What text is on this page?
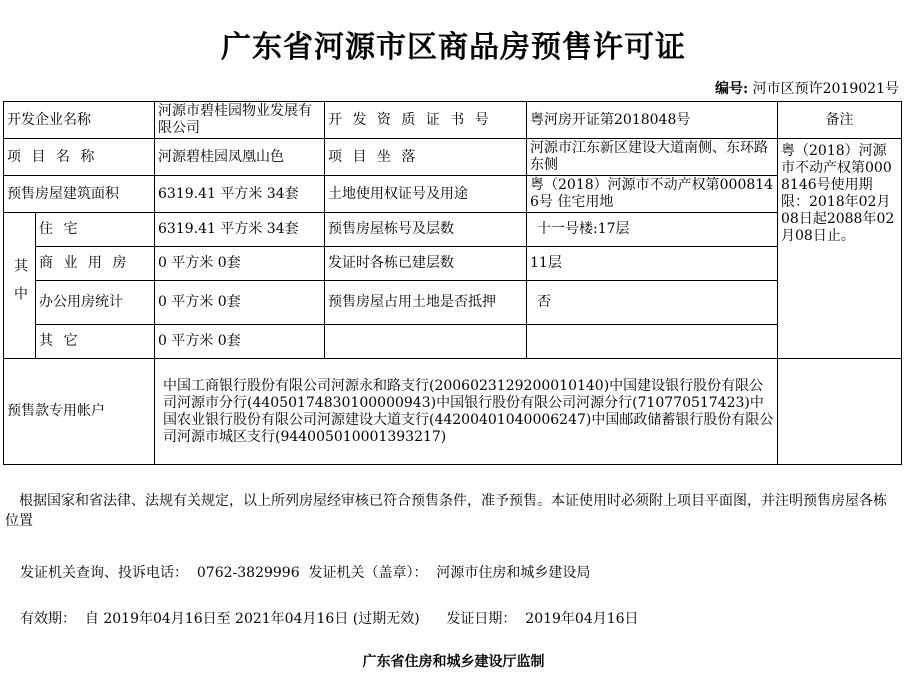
广东省河源市区商品房预售许可证
编号: 河市区预许2019021号
开发企业名称		河源市碧桂园物业发展有限公司	开 发 资 质 证 书 号	粤河房开证第2018048号	备注	
项 目 名 称		河源碧桂园凤凰山色	项 目 坐 落	河源市江东新区建设大道南侧、东环路东侧	粤（2018）河源市不动产权第0008146号使用期限：2018年02月08日起2088年02月08日止。	
预售房屋建筑面积		6319.41 平方米 34套	土地使用权证号及用途	粤（2018）河源市不动产权第0008146号 住宅用地		
其中	住 宅	6319.41 平方米 34套	预售房屋栋号及层数	十一号楼:17层		
	商 业 用 房	0 平方米 0套	发证时各栋已建层数	11层		
	办公用房统计	0 平方米 0套	预售房屋占用土地是否抵押	否		
	其 它	0 平方米 0套				
预售款专用帐户		中国工商银行股份有限公司河源永和路支行(2006023129200010140)中国建设银行股份有限公司河源市分行(44050174830100000943)中国银行股份有限公司河源分行(710770517423)中国农业银行股份有限公司河源建设大道支行(44200401040006247)中国邮政储蓄银行股份有限公司河源市城区支行(944005010001393217)				
根据国家和省法律、法规有关规定，以上所列房屋经审核已符合预售条件，准予预售。本证使用时必须附上项目平面图，并注明预售房屋各栋位置
发证机关查询、投诉电话：  0762-3829996  发证机关（盖章）：  河源市住房和城乡建设局
有效期：  自 2019年04月16日至 2021年04月16日 (过期无效)      发证日期：  2019年04月16日
广东省住房和城乡建设厅监制
